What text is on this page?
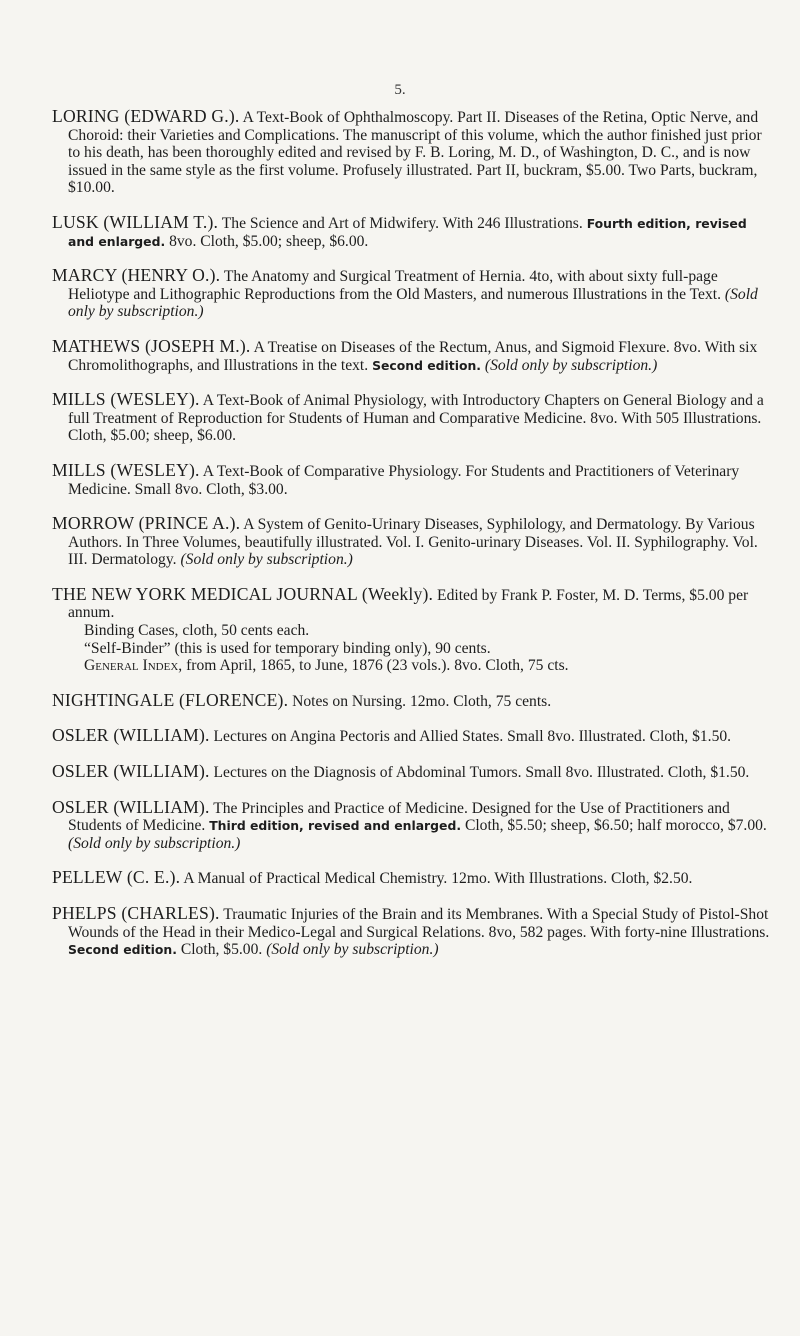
5.

LORING (EDWARD G.). A Text-Book of Ophthalmoscopy. Part II. Diseases of the Retina, Optic Nerve, and Choroid: their Varieties and Complications. The manuscript of this volume, which the author finished just prior to his death, has been thoroughly edited and revised by F. B. Loring, M. D., of Washington, D. C., and is now issued in the same style as the first volume. Profusely illustrated. Part II, buckram, $5.00. Two Parts, buckram, $10.00.

LUSK (WILLIAM T.). The Science and Art of Midwifery. With 246 Illustrations. Fourth edition, revised and enlarged. 8vo. Cloth, $5.00; sheep, $6.00.

MARCY (HENRY O.). The Anatomy and Surgical Treatment of Hernia. 4to, with about sixty full-page Heliotype and Lithographic Reproductions from the Old Masters, and numerous Illustrations in the Text. (Sold only by subscription.)

MATHEWS (JOSEPH M.). A Treatise on Diseases of the Rectum, Anus, and Sigmoid Flexure. 8vo. With six Chromolithographs, and Illustrations in the text. Second edition. (Sold only by subscription.)

MILLS (WESLEY). A Text-Book of Animal Physiology, with Introductory Chapters on General Biology and a full Treatment of Reproduction for Students of Human and Comparative Medicine. 8vo. With 505 Illustrations. Cloth, $5.00; sheep, $6.00.

MILLS (WESLEY). A Text-Book of Comparative Physiology. For Students and Practitioners of Veterinary Medicine. Small 8vo. Cloth, $3.00.

MORROW (PRINCE A.). A System of Genito-Urinary Diseases, Syphilology, and Dermatology. By Various Authors. In Three Volumes, beautifully illustrated. Vol. I. Genito-urinary Diseases. Vol. II. Syphilography. Vol. III. Dermatology. (Sold only by subscription.)

THE NEW YORK MEDICAL JOURNAL (Weekly). Edited by Frank P. Foster, M. D. Terms, $5.00 per annum.

Binding Cases, cloth, 50 cents each.

“Self-Binder” (this is used for temporary binding only), 90 cents.

General Index, from April, 1865, to June, 1876 (23 vols.). 8vo. Cloth, 75 cts.

NIGHTINGALE (FLORENCE). Notes on Nursing. 12mo. Cloth, 75 cents.

OSLER (WILLIAM). Lectures on Angina Pectoris and Allied States. Small 8vo. Illustrated. Cloth, $1.50.

OSLER (WILLIAM). Lectures on the Diagnosis of Abdominal Tumors. Small 8vo. Illustrated. Cloth, $1.50.

OSLER (WILLIAM). The Principles and Practice of Medicine. Designed for the Use of Practitioners and Students of Medicine. Third edition, revised and enlarged. Cloth, $5.50; sheep, $6.50; half morocco, $7.00. (Sold only by subscription.)

PELLEW (C. E.). A Manual of Practical Medical Chemistry. 12mo. With Illustrations. Cloth, $2.50.

PHELPS (CHARLES). Traumatic Injuries of the Brain and its Membranes. With a Special Study of Pistol-Shot Wounds of the Head in their Medico-Legal and Surgical Relations. 8vo, 582 pages. With forty-nine Illustrations. Second edition. Cloth, $5.00. (Sold only by subscription.)
